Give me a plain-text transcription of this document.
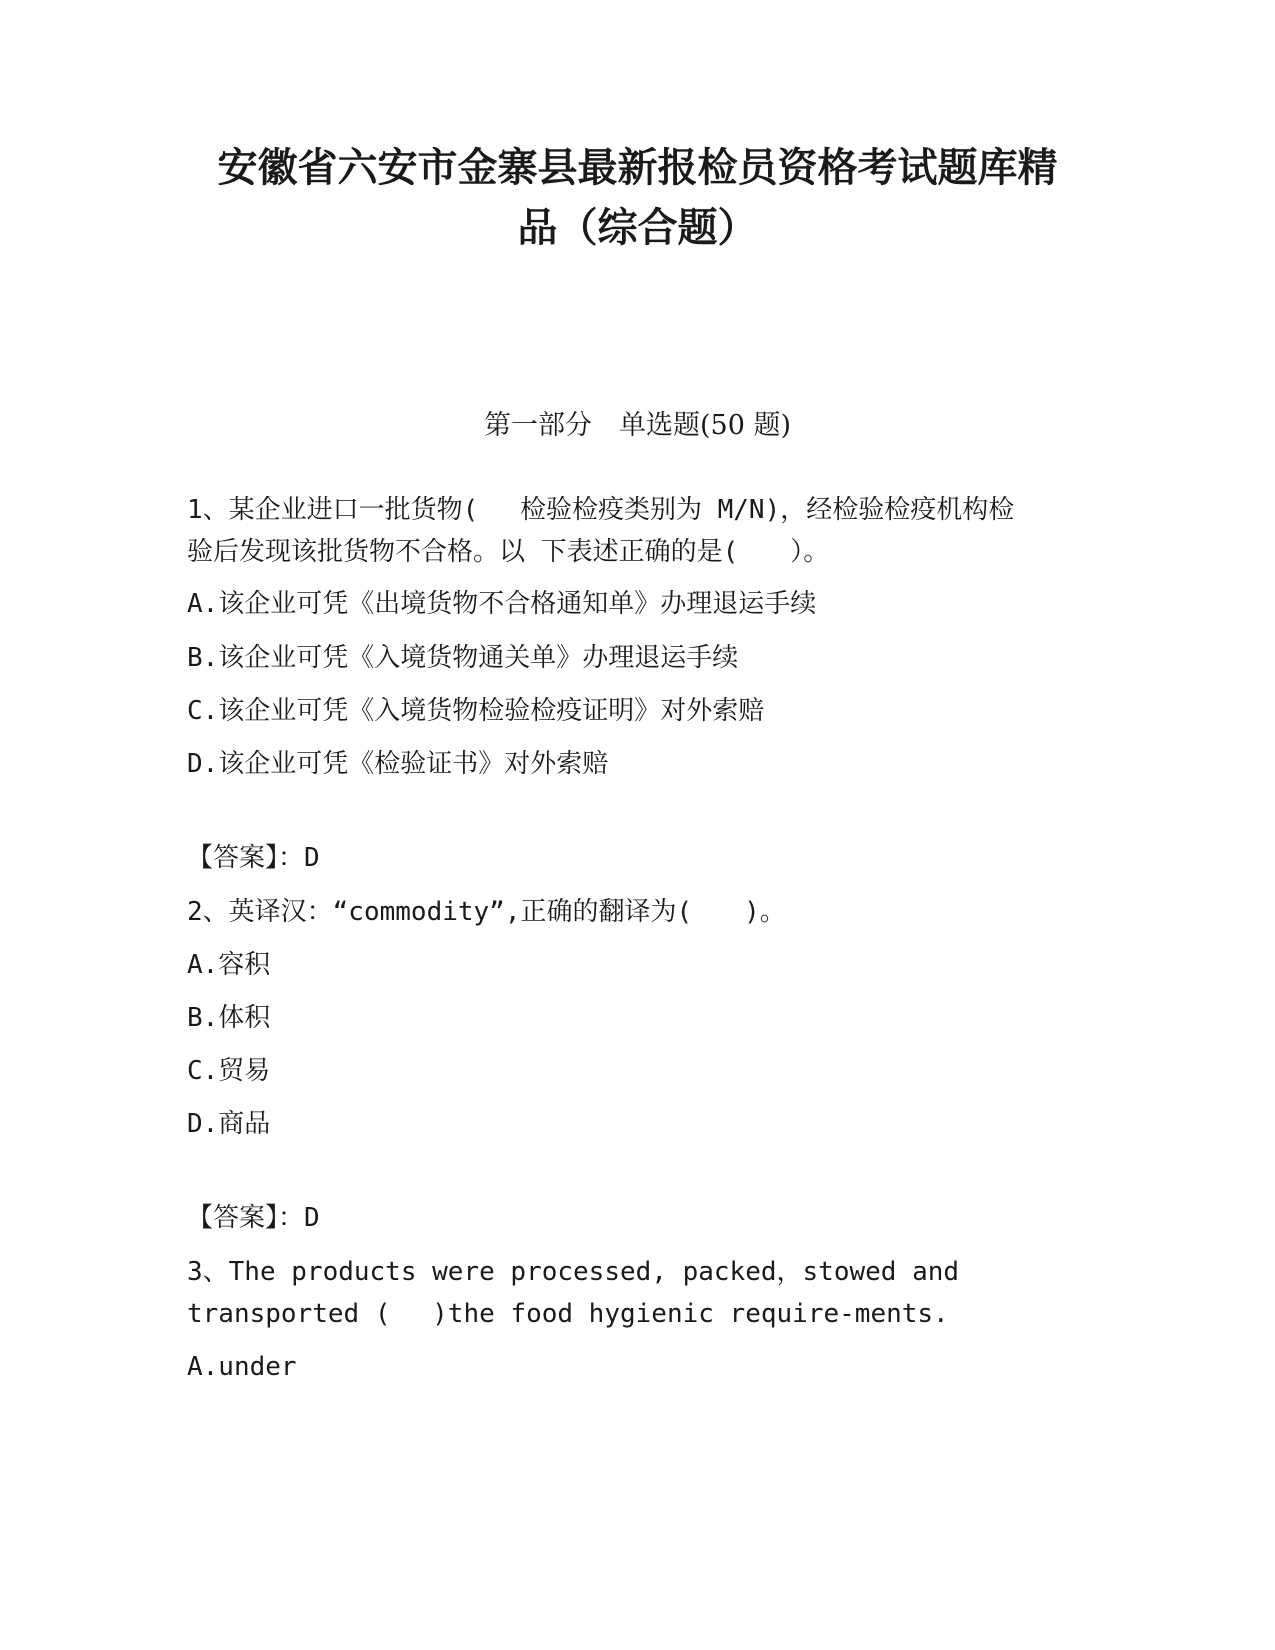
安徽省六安市金寨县最新报检员资格考试题库精
品（综合题）
第一部分　单选题(50 题)
1、某企业进口一批货物(　 检验检疫类别为 M/N)，经检验检疫机构检
验后发现该批货物不合格。以 下表述正确的是(　　）。
A.该企业可凭《出境货物不合格通知单》办理退运手续
B.该企业可凭《入境货物通关单》办理退运手续
C.该企业可凭《入境货物检验检疫证明》对外索赔
D.该企业可凭《检验证书》对外索赔
【答案】：D
2、英译汉：“commodity”,正确的翻译为(　　)。
A.容积
B.体积
C.贸易
D.商品
【答案】：D
3、The products were processed, packed，stowed and
transported (　 )the food hygienic require-ments.
A.under
